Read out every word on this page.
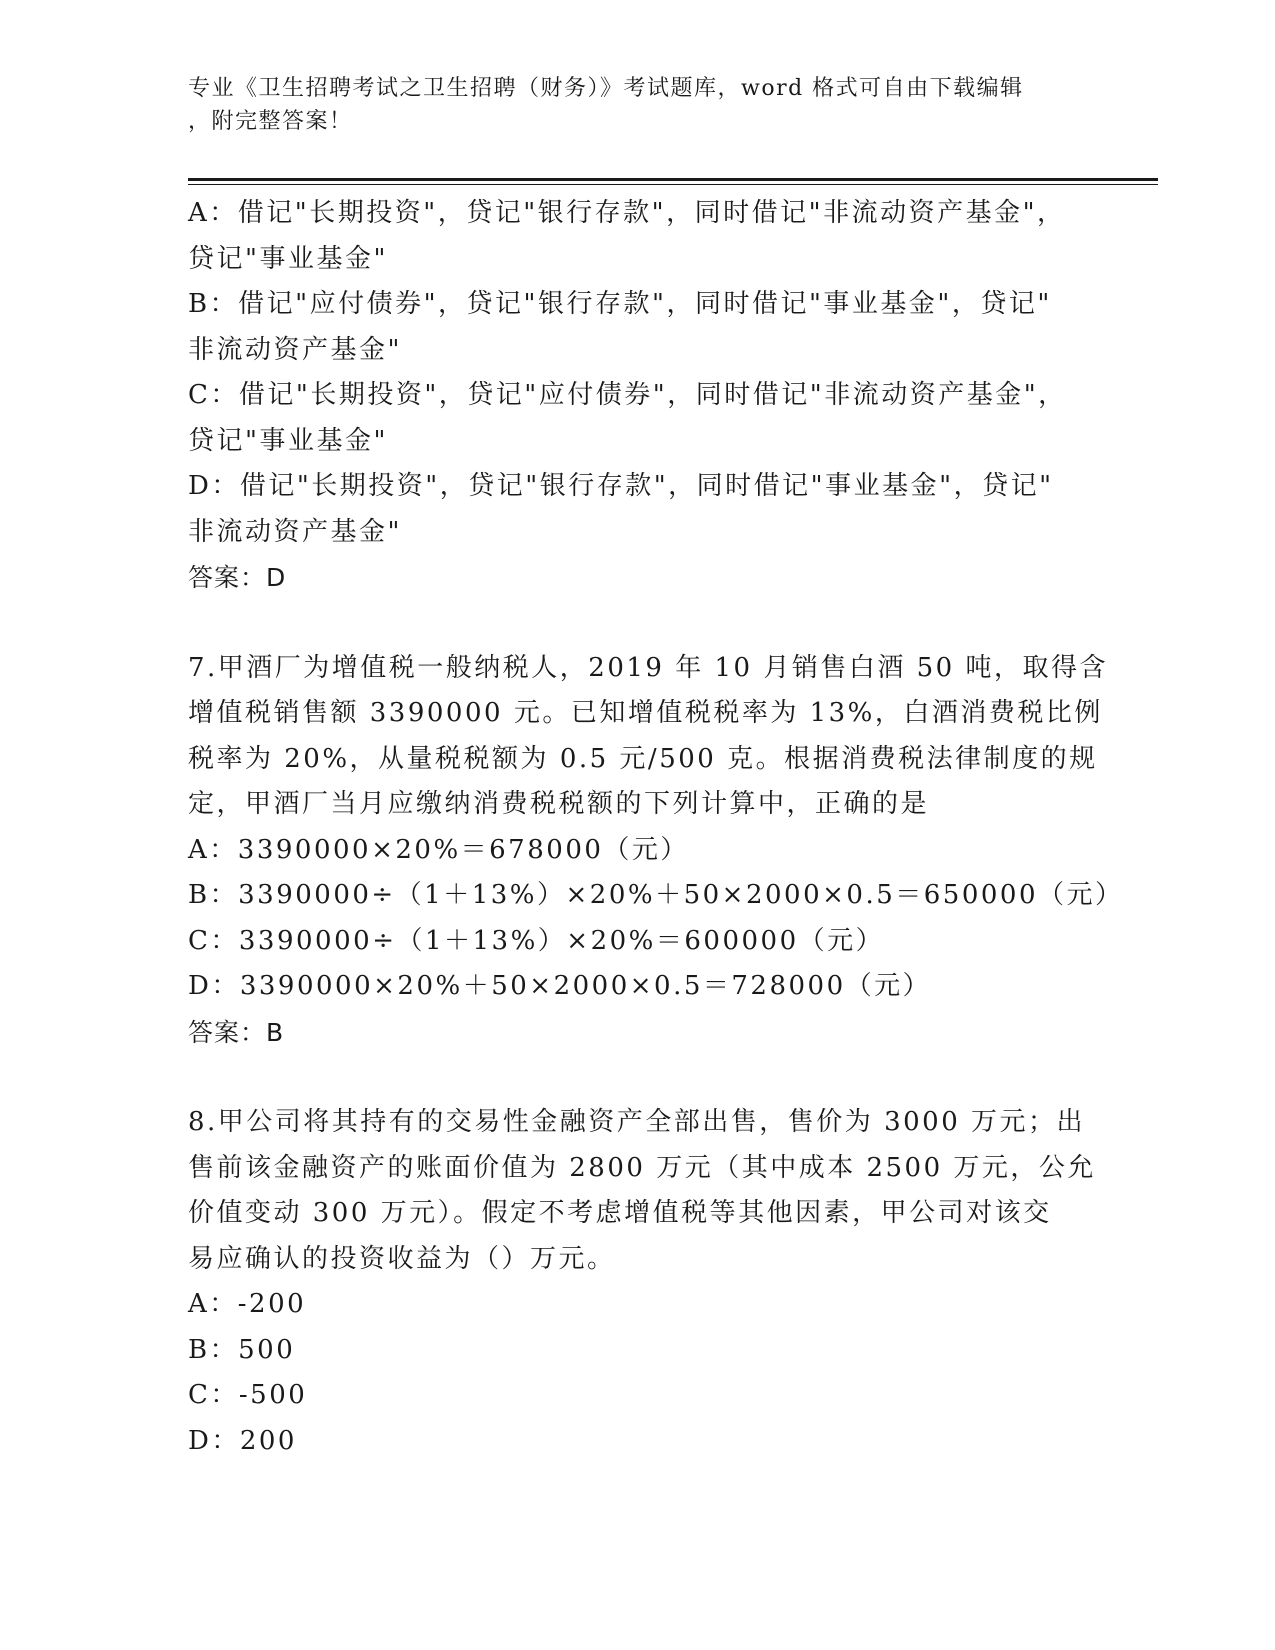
专业《卫生招聘考试之卫生招聘（财务）》考试题库，word 格式可自由下载编辑
，附完整答案！
A：借记"长期投资"，贷记"银行存款"，同时借记"非流动资产基金"，
贷记"事业基金"
B：借记"应付债券"，贷记"银行存款"，同时借记"事业基金"，贷记"
非流动资产基金"
C：借记"长期投资"，贷记"应付债券"，同时借记"非流动资产基金"，
贷记"事业基金"
D：借记"长期投资"，贷记"银行存款"，同时借记"事业基金"，贷记"
非流动资产基金"
答案：D
7.甲酒厂为增值税一般纳税人，2019 年 10 月销售白酒 50 吨，取得含
增值税销售额 3390000 元。已知增值税税率为 13%，白酒消费税比例
税率为 20%，从量税税额为 0.5 元/500 克。根据消费税法律制度的规
定，甲酒厂当月应缴纳消费税税额的下列计算中，正确的是
A：3390000×20%＝678000（元）
B：3390000÷（1＋13%）×20%＋50×2000×0.5＝650000（元）
C：3390000÷（1＋13%）×20%＝600000（元）
D：3390000×20%＋50×2000×0.5＝728000（元）
答案：B
8.甲公司将其持有的交易性金融资产全部出售，售价为 3000 万元；出
售前该金融资产的账面价值为 2800 万元（其中成本 2500 万元，公允
价值变动 300 万元）。假定不考虑增值税等其他因素，甲公司对该交
易应确认的投资收益为（）万元。
A：-200
B：500
C：-500
D：200
